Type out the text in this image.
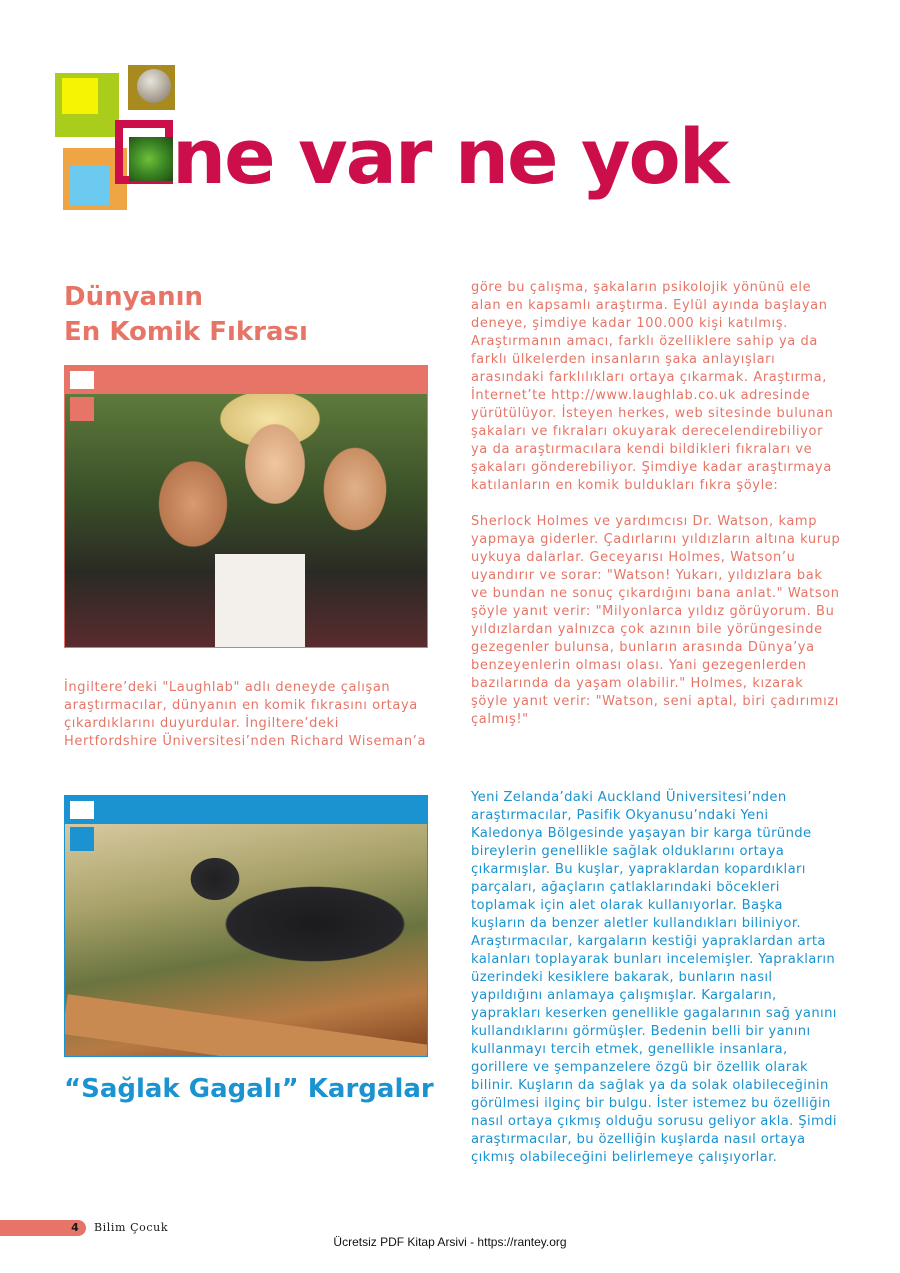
ne var ne yok
Dünyanın
En Komik Fıkrası

İngiltere’deki "Laughlab" adlı deneyde çalışan araştırmacılar, dünyanın en komik fıkrasını ortaya çıkardıklarını duyurdular. İngiltere’deki Hertfordshire Üniversitesi’nden Richard Wiseman’a

göre bu çalışma, şakaların psikolojik yönünü ele alan en kapsamlı araştırma. Eylül ayında başlayan deneye, şimdiye kadar 100.000 kişi katılmış. Araştırmanın amacı, farklı özelliklere sahip ya da farklı ülkelerden insanların şaka anlayışları arasındaki farklılıkları ortaya çıkarmak. Araştırma, İnternet’te http://www.laughlab.co.uk adresinde yürütülüyor. İsteyen herkes, web sitesinde bulunan şakaları ve fıkraları okuyarak derecelendirebiliyor ya da araştırmacılara kendi bildikleri fıkraları ve şakaları gönderebiliyor. Şimdiye kadar araştırmaya katılanların en komik buldukları fıkra şöyle:

Sherlock Holmes ve yardımcısı Dr. Watson, kamp yapmaya giderler. Çadırlarını yıldızların altına kurup uykuya dalarlar. Geceyarısı Holmes, Watson’u uyandırır ve sorar: "Watson! Yukarı, yıldızlara bak ve bundan ne sonuç çıkardığını bana anlat." Watson şöyle yanıt verir: "Milyonlarca yıldız görüyorum. Bu yıldızlardan yalnızca çok azının bile yörüngesinde gezegenler bulunsa, bunların arasında Dünya’ya benzeyenlerin olması olası. Yani gezegenlerden bazılarında da yaşam olabilir." Holmes, kızarak şöyle yanıt verir: "Watson, seni aptal, biri çadırımızı çalmış!"

“Sağlak Gagalı” Kargalar

Yeni Zelanda’daki Auckland Üniversitesi’nden araştırmacılar, Pasifik Okyanusu’ndaki Yeni Kaledonya Bölgesinde yaşayan bir karga türünde bireylerin genellikle sağlak olduklarını ortaya çıkarmışlar. Bu kuşlar, yapraklardan kopardıkları parçaları, ağaçların çatlaklarındaki böcekleri toplamak için alet olarak kullanıyorlar. Başka kuşların da benzer aletler kullandıkları biliniyor. Araştırmacılar, kargaların kestiği yapraklardan arta kalanları toplayarak bunları incelemişler. Yaprakların üzerindeki kesiklere bakarak, bunların nasıl yapıldığını anlamaya çalışmışlar. Kargaların, yaprakları keserken genellikle gagalarının sağ yanını kullandıklarını görmüşler. Bedenin belli bir yanını kullanmayı tercih etmek, genellikle insanlara, gorillere ve şempanzelere özgü bir özellik olarak bilinir. Kuşların da sağlak ya da solak olabileceğinin görülmesi ilginç bir bulgu. İster istemez bu özelliğin nasıl ortaya çıkmış olduğu sorusu geliyor akla. Şimdi araştırmacılar, bu özelliğin kuşlarda nasıl ortaya çıkmış olabileceğini belirlemeye çalışıyorlar.

4	Bilim Çocuk
Ücretsiz PDF Kitap Arsivi - https://rantey.org
